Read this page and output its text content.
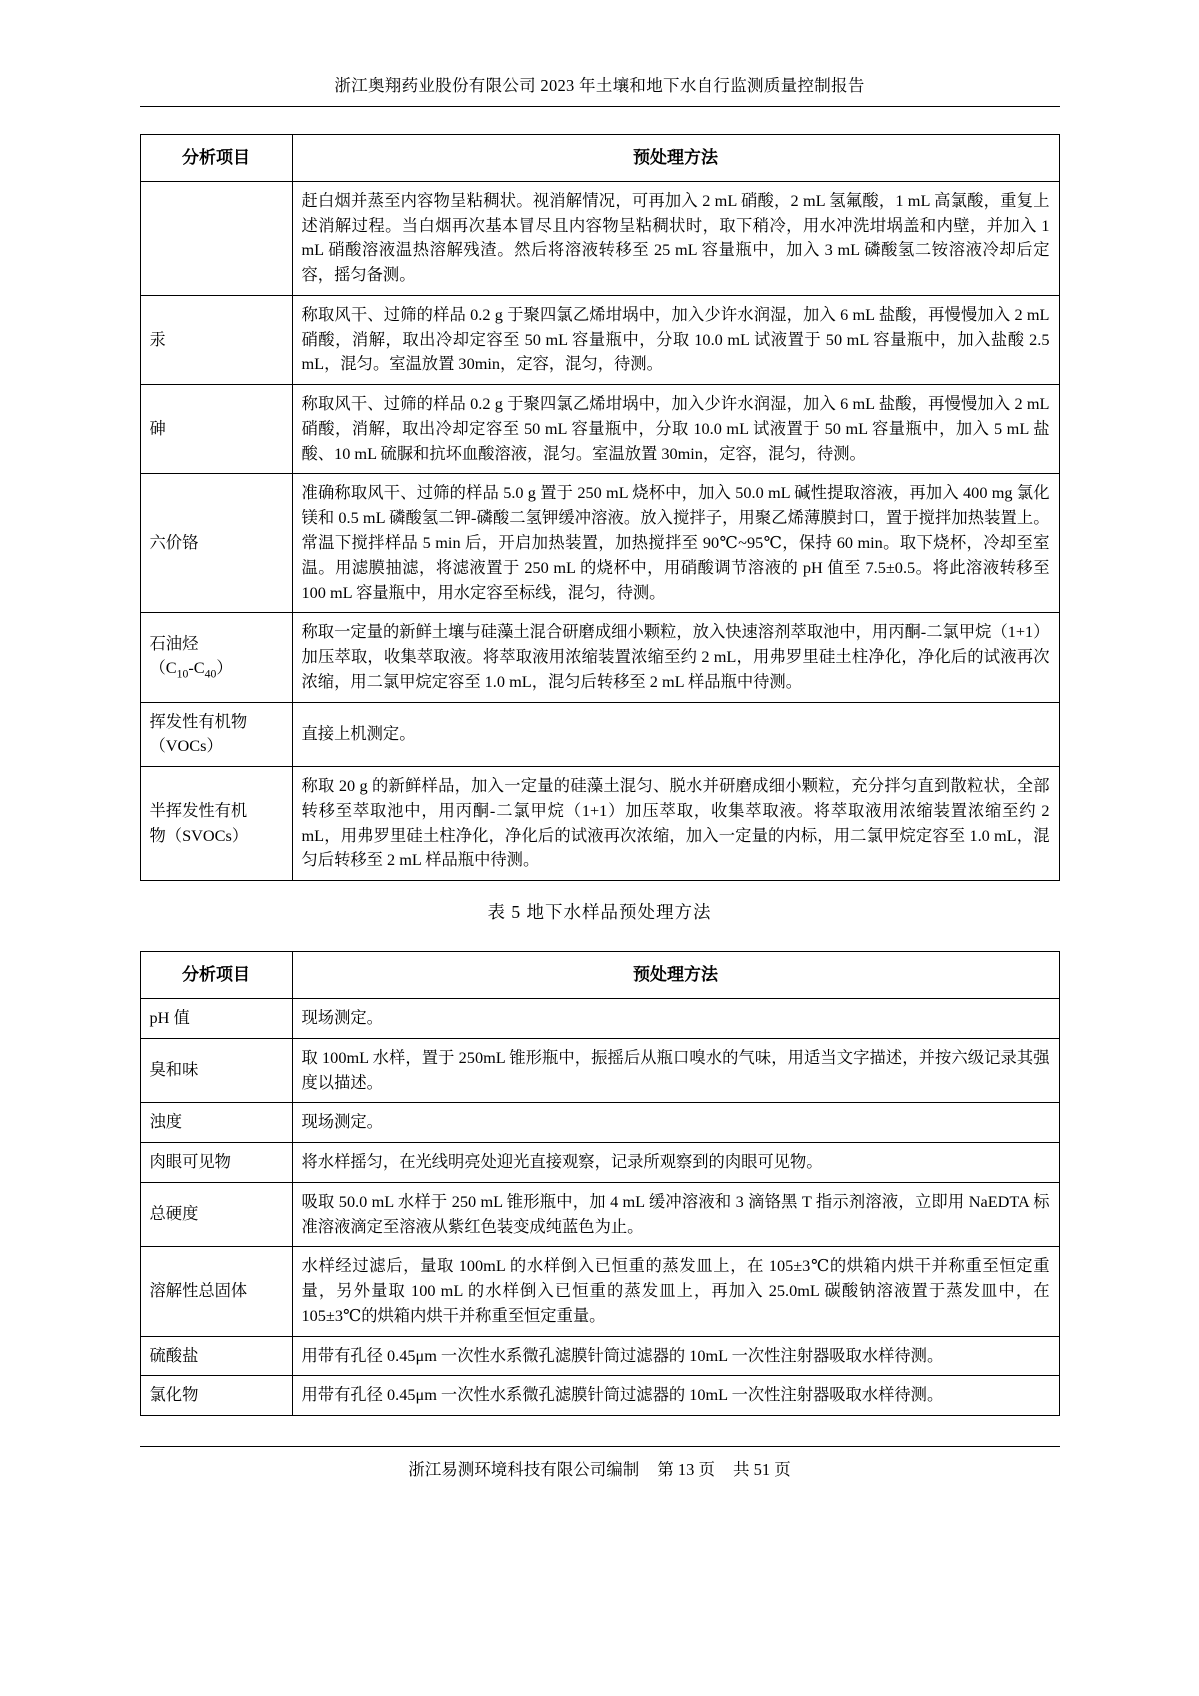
浙江奥翔药业股份有限公司 2023 年土壤和地下水自行监测质量控制报告
分析项目	预处理方法
	赶白烟并蒸至内容物呈粘稠状。视消解情况，可再加入 2 mL 硝酸，2 mL 氢氟酸，1 mL 高氯酸，重复上述消解过程。当白烟再次基本冒尽且内容物呈粘稠状时，取下稍冷，用水冲洗坩埚盖和内壁，并加入 1 mL 硝酸溶液温热溶解残渣。然后将溶液转移至 25 mL 容量瓶中，加入 3 mL 磷酸氢二铵溶液冷却后定容，摇匀备测。
汞	称取风干、过筛的样品 0.2 g 于聚四氯乙烯坩埚中，加入少许水润湿，加入 6 mL 盐酸，再慢慢加入 2 mL 硝酸，消解，取出冷却定容至 50 mL 容量瓶中，分取 10.0 mL 试液置于 50 mL 容量瓶中，加入盐酸 2.5 mL，混匀。室温放置 30min，定容，混匀，待测。
砷	称取风干、过筛的样品 0.2 g 于聚四氯乙烯坩埚中，加入少许水润湿，加入 6 mL 盐酸，再慢慢加入 2 mL 硝酸，消解，取出冷却定容至 50 mL 容量瓶中，分取 10.0 mL 试液置于 50 mL 容量瓶中，加入 5 mL 盐酸、10 mL 硫脲和抗坏血酸溶液，混匀。室温放置 30min，定容，混匀，待测。
六价铬	准确称取风干、过筛的样品 5.0 g 置于 250 mL 烧杯中，加入 50.0 mL 碱性提取溶液，再加入 400 mg 氯化镁和 0.5 mL 磷酸氢二钾-磷酸二氢钾缓冲溶液。放入搅拌子，用聚乙烯薄膜封口，置于搅拌加热装置上。常温下搅拌样品 5 min 后，开启加热装置，加热搅拌至 90℃~95℃，保持 60 min。取下烧杯，冷却至室温。用滤膜抽滤，将滤液置于 250 mL 的烧杯中，用硝酸调节溶液的 pH 值至 7.5±0.5。将此溶液转移至 100 mL 容量瓶中，用水定容至标线，混匀，待测。

石油烃
$(C_{10}-C_{40})$	称取一定量的新鲜土壤与硅藻土混合研磨成细小颗粒，放入快速溶剂萃取池中，用丙酮-二氯甲烷（1+1）加压萃取，收集萃取液。将萃取液用浓缩装置浓缩至约 2 mL，用弗罗里硅土柱净化，净化后的试液再次浓缩，用二氯甲烷定容至 1.0 mL，混匀后转移至 2 mL 样品瓶中待测。

挥发性有机物
（VOCs）	直接上机测定。

半挥发性有机
物（SVOCs）	称取 20 g 的新鲜样品，加入一定量的硅藻土混匀、脱水并研磨成细小颗粒，充分拌匀直到散粒状，全部转移至萃取池中，用丙酮-二氯甲烷（1+1）加压萃取，收集萃取液。将萃取液用浓缩装置浓缩至约 2 mL，用弗罗里硅土柱净化，净化后的试液再次浓缩，加入一定量的内标，用二氯甲烷定容至 1.0 mL，混匀后转移至 2 mL 样品瓶中待测。
表 5 地下水样品预处理方法
分析项目	预处理方法
pH 值	现场测定。
臭和味	取 100mL 水样，置于 250mL 锥形瓶中，振摇后从瓶口嗅水的气味，用适当文字描述，并按六级记录其强度以描述。
浊度	现场测定。
肉眼可见物	将水样摇匀，在光线明亮处迎光直接观察，记录所观察到的肉眼可见物。
总硬度	吸取 50.0 mL 水样于 250 mL 锥形瓶中，加 4 mL 缓冲溶液和 3 滴铬黑 T 指示剂溶液，立即用 NaEDTA 标准溶液滴定至溶液从紫红色装变成纯蓝色为止。
溶解性总固体	水样经过滤后，量取 100mL 的水样倒入已恒重的蒸发皿上，在 105±3℃的烘箱内烘干并称重至恒定重量，另外量取 100 mL 的水样倒入已恒重的蒸发皿上，再加入 25.0mL 碳酸钠溶液置于蒸发皿中，在 105±3℃的烘箱内烘干并称重至恒定重量。
硫酸盐	用带有孔径 0.45μm 一次性水系微孔滤膜针筒过滤器的 10mL 一次性注射器吸取水样待测。
氯化物	用带有孔径 0.45μm 一次性水系微孔滤膜针筒过滤器的 10mL 一次性注射器吸取水样待测。
浙江易测环境科技有限公司编制 第 13 页 共 51 页
